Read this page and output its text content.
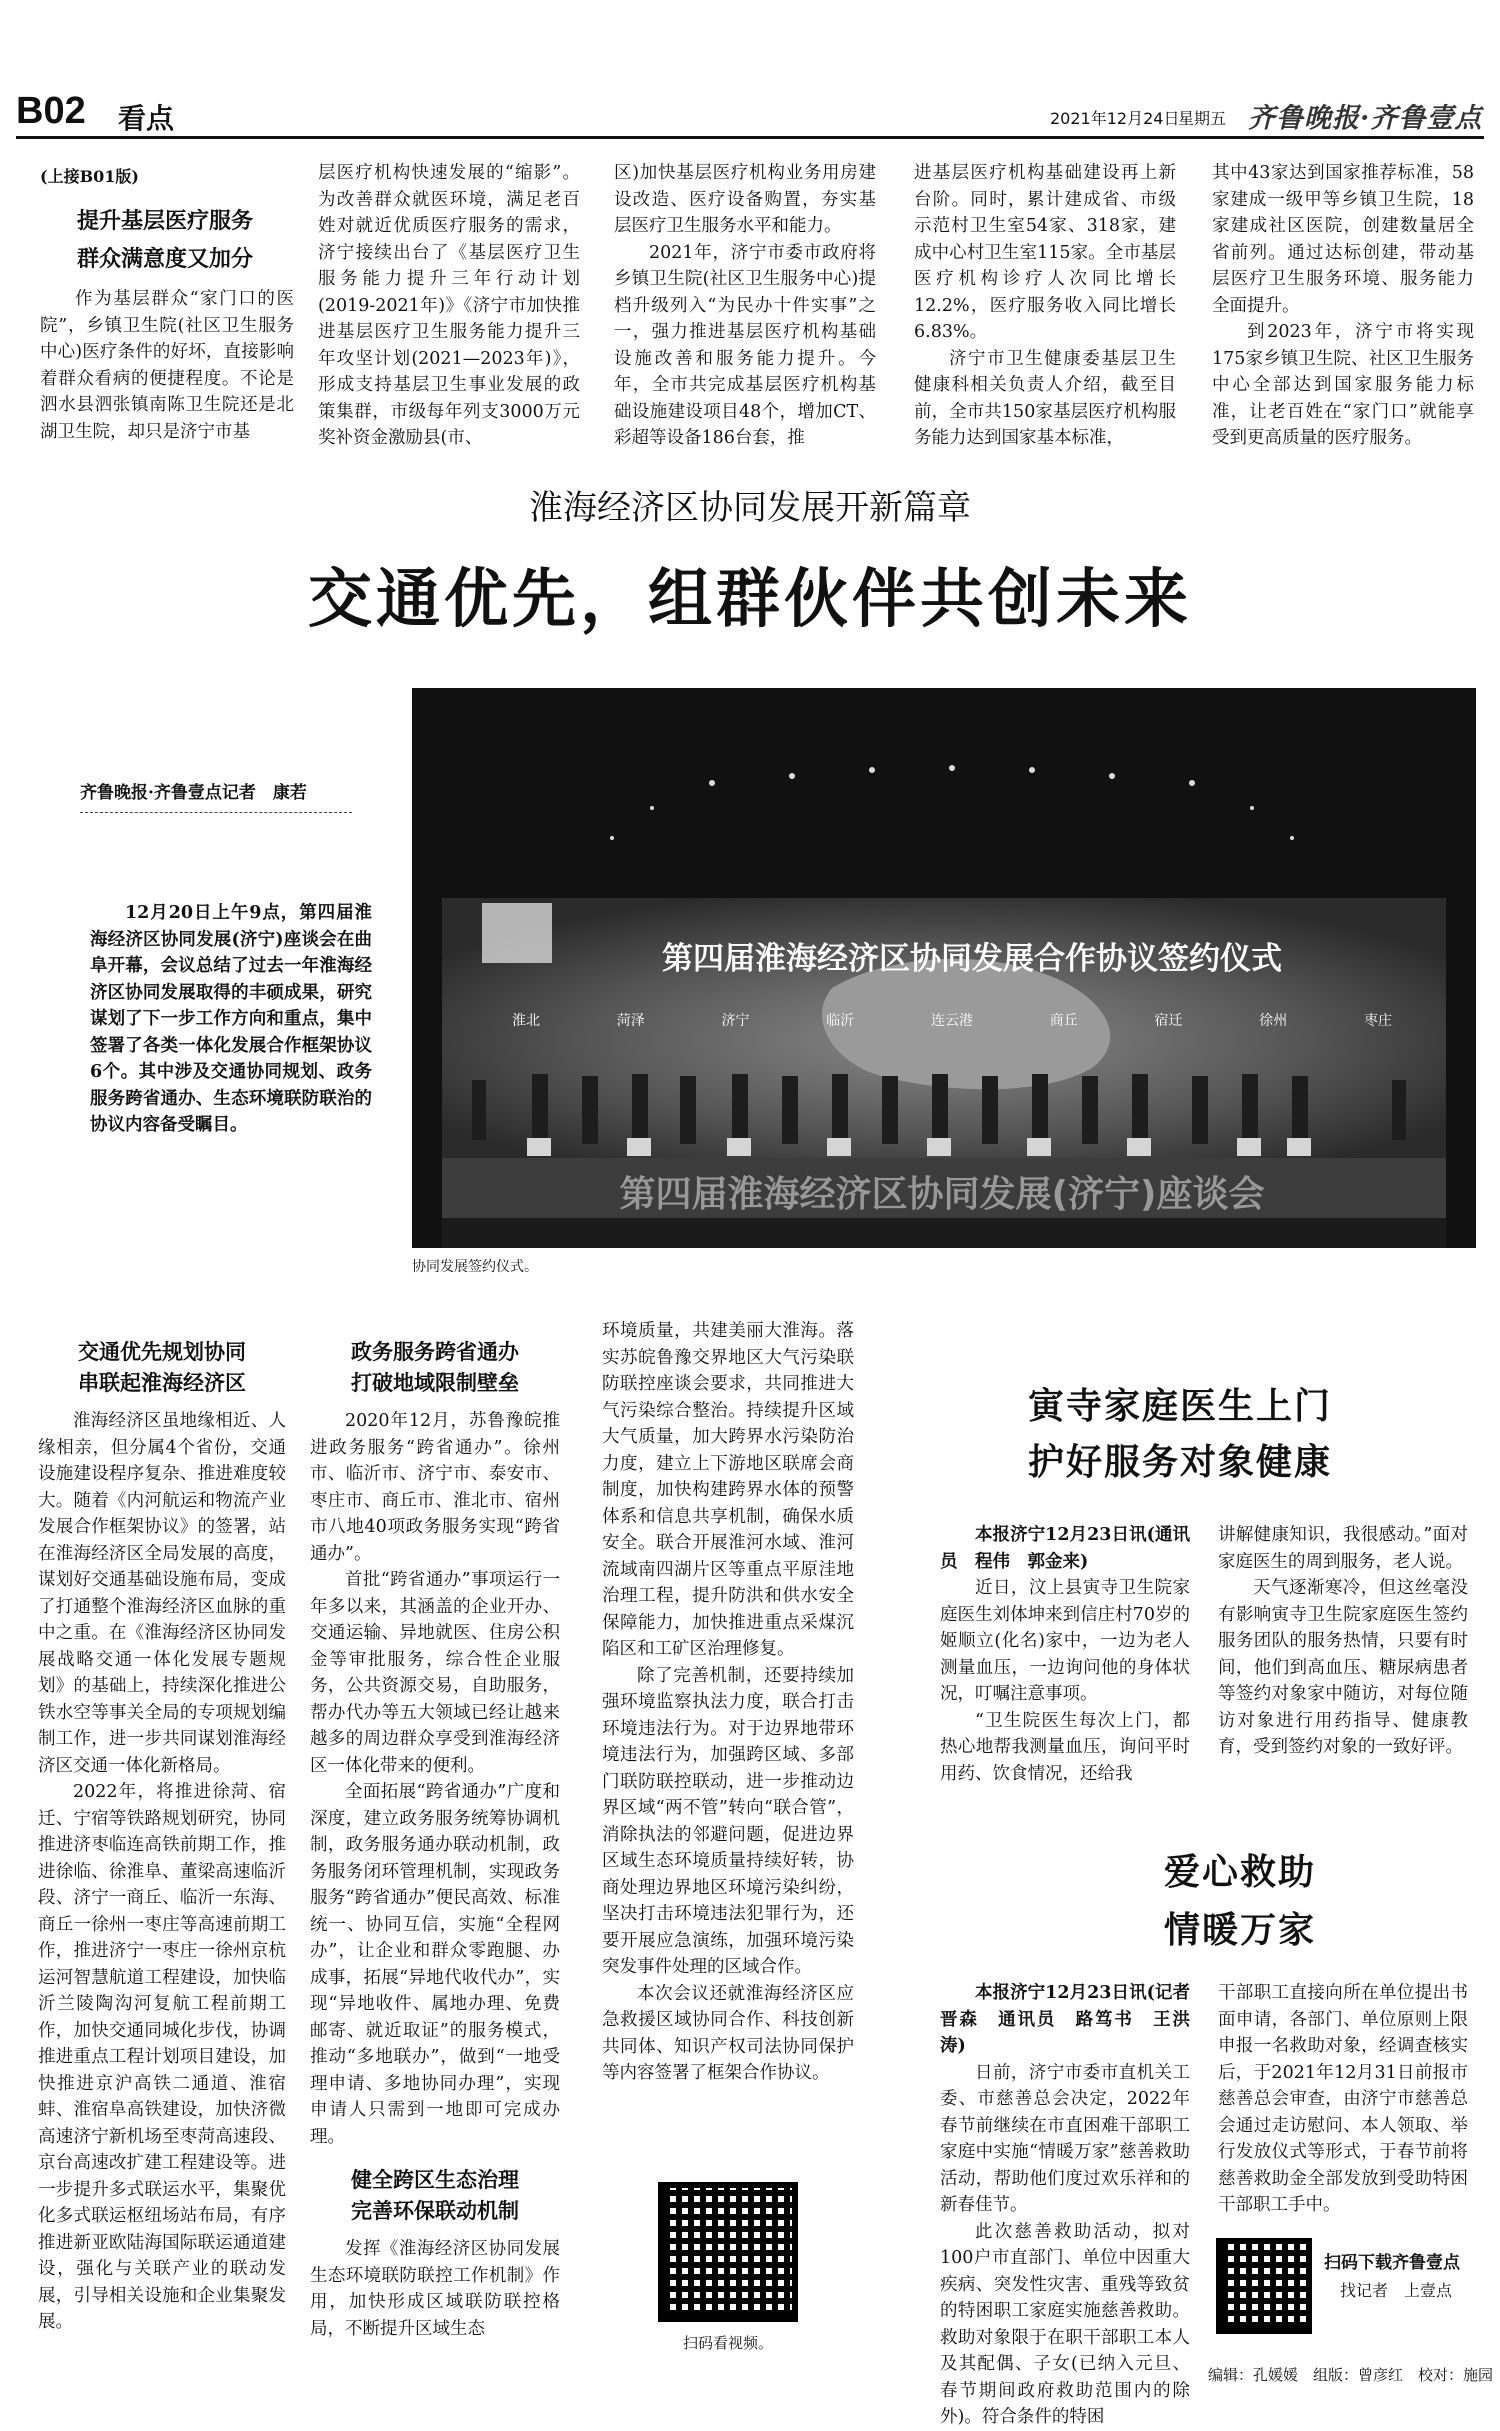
B02 看点	2021年12月24日
星期五 齐鲁晚报·齐鲁壹点
(上接B01版)
提升基层医疗服务
群众满意度又加分

作为基层群众“家门口的医院”，乡镇卫生院(社区卫生服务中心)医疗条件的好坏，直接影响着群众看病的便捷程度。不论是泗水县泗张镇南陈卫生院还是北湖卫生院，却只是济宁市基

层医疗机构快速发展的“缩影”。为改善群众就医环境，满足老百姓对就近优质医疗服务的需求，济宁接续出台了《基层医疗卫生服务能力提升三年行动计划(2019-2021年)》《济宁市加快推进基层医疗卫生服务能力提升三年攻坚计划(2021—2023年)》，形成支持基层卫生事业发展的政策集群，市级每年列支3000万元奖补资金激励县(市、

区)加快基层医疗机构业务用房建设改造、医疗设备购置，夯实基层医疗卫生服务水平和能力。

2021年，济宁市委市政府将乡镇卫生院(社区卫生服务中心)提档升级列入“为民办十件实事”之一，强力推进基层医疗机构基础设施改善和服务能力提升。今年，全市共完成基层医疗机构基础设施建设项目48个，增加CT、彩超等设备186台套，推

进基层医疗机构基础建设再上新台阶。同时，累计建成省、市级示范村卫生室54家、318家，建成中心村卫生室115家。全市基层医疗机构诊疗人次同比增长12.2%，医疗服务收入同比增长6.83%。

济宁市卫生健康委基层卫生健康科相关负责人介绍，截至目前，全市共150家基层医疗机构服务能力达到国家基本标准，

其中43家达到国家推荐标准，58家建成一级甲等乡镇卫生院，18家建成社区医院，创建数量居全省前列。通过达标创建，带动基层医疗卫生服务环境、服务能力全面提升。

到2023年，济宁市将实现175家乡镇卫生院、社区卫生服务中心全部达到国家服务能力标准，让老百姓在“家门口”就能享受到更高质量的医疗服务。

淮海经济区协同发展开新篇章
交通优先，组群伙伴共创未来
齐鲁晚报·齐鲁壹点记者　康若

12月20日上午9点，第四届淮海经济区协同发展(济宁)座谈会在曲阜开幕，会议总结了过去一年淮海经济区协同发展取得的丰硕成果，研究谋划了下一步工作方向和重点，集中签署了各类一体化发展合作框架协议6个。其中涉及交通协同规划、政务服务跨省通办、生态环境联防联治的协议内容备受瞩目。

第四届淮海经济区协同发展合作协议签约仪式
淮北	菏泽	济宁	临沂	连云港	商丘	宿迁	徐州	枣庄
第四届淮海经济区协同发展(济宁)座谈会
协同发展签约仪式。
交通优先规划协同
串联起淮海经济区

淮海经济区虽地缘相近、人缘相亲，但分属4个省份，交通设施建设程序复杂、推进难度较大。随着《内河航运和物流产业发展合作框架协议》的签署，站在淮海经济区全局发展的高度，谋划好交通基础设施布局，变成了打通整个淮海经济区血脉的重中之重。在《淮海经济区协同发展战略交通一体化发展专题规划》的基础上，持续深化推进公铁水空等事关全局的专项规划编制工作，进一步共同谋划淮海经济区交通一体化新格局。

2022年，将推进徐菏、宿迁、宁宿等铁路规划研究，协同推进济枣临连高铁前期工作，推进徐临、徐淮阜、董梁高速临沂段、济宁一商丘、临沂一东海、商丘一徐州一枣庄等高速前期工作，推进济宁一枣庄一徐州京杭运河智慧航道工程建设，加快临沂兰陵陶沟河复航工程前期工作，加快交通同城化步伐，协调推进重点工程计划项目建设，加快推进京沪高铁二通道、淮宿蚌、淮宿阜高铁建设，加快济微高速济宁新机场至枣菏高速段、京台高速改扩建工程建设等。进一步提升多式联运水平，集聚优化多式联运枢纽场站布局，有序推进新亚欧陆海国际联运通道建设，强化与关联产业的联动发展，引导相关设施和企业集聚发展。

政务服务跨省通办
打破地域限制壁垒

2020年12月，苏鲁豫皖推进政务服务“跨省通办”。徐州市、临沂市、济宁市、泰安市、枣庄市、商丘市、淮北市、宿州市八地40项政务服务实现“跨省通办”。

首批“跨省通办”事项运行一年多以来，其涵盖的企业开办、交通运输、异地就医、住房公积金等审批服务，综合性企业服务，公共资源交易，自助服务，帮办代办等五大领域已经让越来越多的周边群众享受到淮海经济区一体化带来的便利。

全面拓展“跨省通办”广度和深度，建立政务服务统筹协调机制，政务服务通办联动机制，政务服务闭环管理机制，实现政务服务“跨省通办”便民高效、标准统一、协同互信，实施“全程网办”，让企业和群众零跑腿、办成事，拓展“异地代收代办”，实现“异地收件、属地办理、免费邮寄、就近取证”的服务模式，推动“多地联办”，做到“一地受理申请、多地协同办理”，实现申请人只需到一地即可完成办理。

健全跨区生态治理
完善环保联动机制

发挥《淮海经济区协同发展生态环境联防联控工作机制》作用，加快形成区域联防联控格局，不断提升区域生态

环境质量，共建美丽大淮海。落实苏皖鲁豫交界地区大气污染联防联控座谈会要求，共同推进大气污染综合整治。持续提升区域大气质量，加大跨界水污染防治力度，建立上下游地区联席会商制度，加快构建跨界水体的预警体系和信息共享机制，确保水质安全。联合开展淮河水域、淮河流域南四湖片区等重点平原洼地治理工程，提升防洪和供水安全保障能力，加快推进重点采煤沉陷区和工矿区治理修复。

除了完善机制，还要持续加强环境监察执法力度，联合打击环境违法行为。对于边界地带环境违法行为，加强跨区域、多部门联防联控联动，进一步推动边界区域“两不管”转向“联合管”，消除执法的邻避问题，促进边界区域生态环境质量持续好转，协商处理边界地区环境污染纠纷，坚决打击环境违法犯罪行为，还要开展应急演练，加强环境污染突发事件处理的区域合作。

本次会议还就淮海经济区应急救援区域协同合作、科技创新共同体、知识产权司法协同保护等内容签署了框架合作协议。

扫码看视频。
寅寺家庭医生上门
护好服务对象健康

本报济宁12月23日讯(通讯员　程伟　郭金来)

近日，汶上县寅寺卫生院家庭医生刘体坤来到信庄村70岁的姬顺立(化名)家中，一边为老人测量血压，一边询问他的身体状况，叮嘱注意事项。

“卫生院医生每次上门，都热心地帮我测量血压，询问平时用药、饮食情况，还给我

讲解健康知识，我很感动。”面对家庭医生的周到服务，老人说。

天气逐渐寒冷，但这丝毫没有影响寅寺卫生院家庭医生签约服务团队的服务热情，只要有时间，他们到高血压、糖尿病患者等签约对象家中随访，对每位随访对象进行用药指导、健康教育，受到签约对象的一致好评。

爱心救助
情暖万家

本报济宁12月23日讯(记者　晋森　通讯员　路笃书　王洪涛)

日前，济宁市委市直机关工委、市慈善总会决定，2022年春节前继续在市直困难干部职工家庭中实施“情暖万家”慈善救助活动，帮助他们度过欢乐祥和的新春佳节。

此次慈善救助活动，拟对100户市直部门、单位中因重大疾病、突发性灾害、重残等致贫的特困职工家庭实施慈善救助。救助对象限于在职干部职工本人及其配偶、子女(已纳入元旦、春节期间政府救助范围内的除外)。符合条件的特困

干部职工直接向所在单位提出书面申请，各部门、单位原则上限申报一名救助对象，经调查核实后，于2021年12月31日前报市慈善总会审查，由济宁市慈善总会通过走访慰问、本人领取、举行发放仪式等形式，于春节前将慈善救助金全部发放到受助特困干部职工手中。

扫码下载齐鲁壹点
找记者　上壹点
编辑：孔媛媛　组版：曾彦红　校对：施园
